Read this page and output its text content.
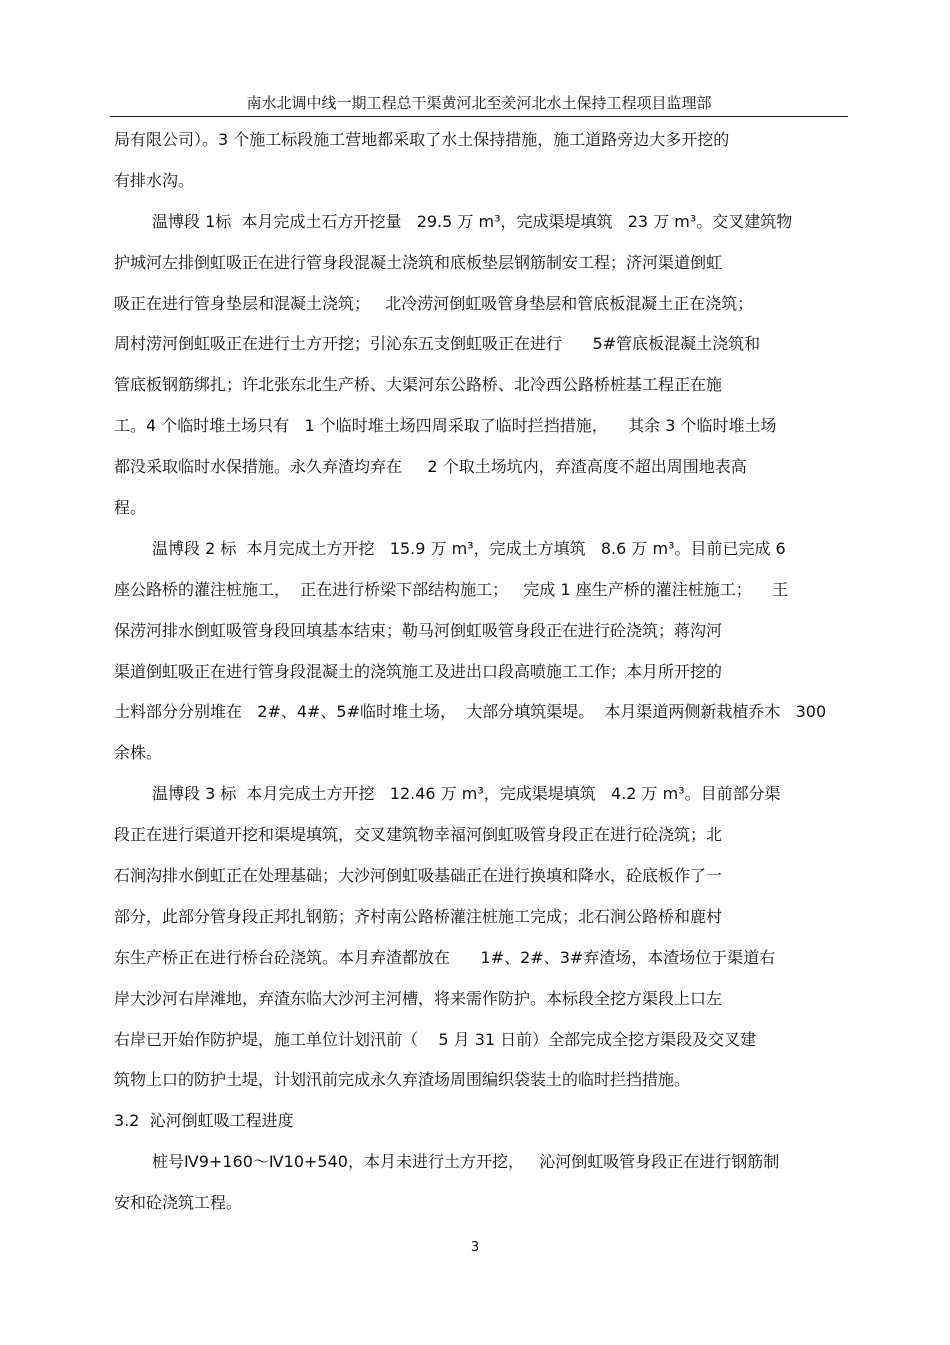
南水北调中线一期工程总干渠黄河北至羑河北水土保持工程项目监理部
局有限公司）。3 个施工标段施工营地都采取了水土保持措施，施工道路旁边大多开挖的
有排水沟。
温博段 1标  本月完成土石方开挖量   29.5 万 m³，完成渠堤填筑   23 万 m³。交叉建筑物
护城河左排倒虹吸正在进行管身段混凝土浇筑和底板垫层钢筋制安工程；济河渠道倒虹
吸正在进行管身垫层和混凝土浇筑；   北冷涝河倒虹吸管身垫层和管底板混凝土正在浇筑；
周村涝河倒虹吸正在进行土方开挖；引沁东五支倒虹吸正在进行      5#管底板混凝土浇筑和
管底板钢筋绑扎；许北张东北生产桥、大渠河东公路桥、北冷西公路桥桩基工程正在施
工。4 个临时堆土场只有   1 个临时堆土场四周采取了临时拦挡措施，    其余 3 个临时堆土场
都没采取临时水保措施。永久弃渣均弃在     2 个取土场坑内，弃渣高度不超出周围地表高
程。
温博段 2 标  本月完成土方开挖   15.9 万 m³，完成土方填筑   8.6 万 m³。目前已完成 6
座公路桥的灌注桩施工，  正在进行桥梁下部结构施工；   完成 1 座生产桥的灌注桩施工；    王
保涝河排水倒虹吸管身段回填基本结束；勒马河倒虹吸管身段正在进行砼浇筑；蒋沟河
渠道倒虹吸正在进行管身段混凝土的浇筑施工及进出口段高喷施工工作；本月所开挖的
土料部分分别堆在   2#、4#、5#临时堆土场，  大部分填筑渠堤。  本月渠道两侧新栽植乔木   300
余株。
温博段 3 标  本月完成土方开挖   12.46 万 m³，完成渠堤填筑   4.2 万 m³。目前部分渠
段正在进行渠道开挖和渠堤填筑，交叉建筑物幸福河倒虹吸管身段正在进行砼浇筑；北
石涧沟排水倒虹正在处理基础；大沙河倒虹吸基础正在进行换填和降水，砼底板作了一
部分，此部分管身段正邦扎钢筋；齐村南公路桥灌注桩施工完成；北石涧公路桥和鹿村
东生产桥正在进行桥台砼浇筑。本月弃渣都放在      1#、2#、3#弃渣场，本渣场位于渠道右
岸大沙河右岸滩地，弃渣东临大沙河主河槽，将来需作防护。本标段全挖方渠段上口左
右岸已开始作防护堤，施工单位计划汛前（    5 月 31 日前）全部完成全挖方渠段及交叉建
筑物上口的防护土堤，计划汛前完成永久弃渣场周围编织袋装土的临时拦挡措施。
3.2  沁河倒虹吸工程进度
桩号Ⅳ9+160～Ⅳ10+540，本月未进行土方开挖，   沁河倒虹吸管身段正在进行钢筋制
安和砼浇筑工程。
3
